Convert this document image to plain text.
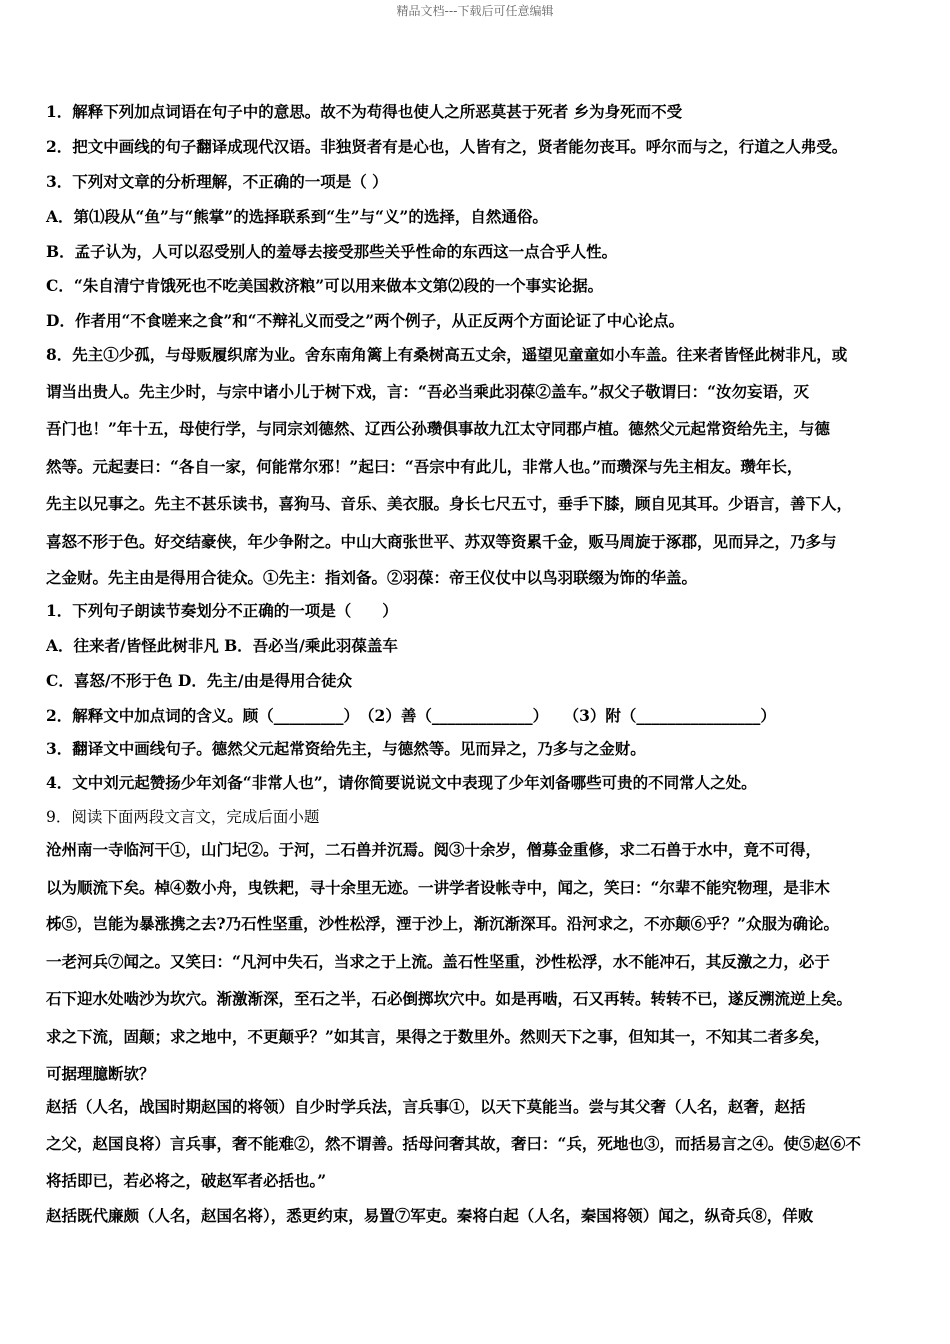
精品文档---下载后可任意编辑
1．解释下列加点词语在句子中的意思。故不为苟得也使人之所恶莫甚于死者 乡为身死而不受
2．把文中画线的句子翻译成现代汉语。非独贤者有是心也，人皆有之，贤者能勿丧耳。呼尔而与之，行道之人弗受。
3．下列对文章的分析理解，不正确的一项是（ ）
A．第⑴段从“鱼”与“熊掌”的选择联系到“生”与“义”的选择，自然通俗。
B．孟子认为，人可以忍受别人的羞辱去接受那些关乎性命的东西这一点合乎人性。
C．“朱自清宁肯饿死也不吃美国救济粮”可以用来做本文第⑵段的一个事实论据。
D．作者用“不食嗟来之食”和“不辩礼义而受之”两个例子，从正反两个方面论证了中心论点。
8．先主①少孤，与母贩履织席为业。舍东南角篱上有桑树高五丈余，遥望见童童如小车盖。往来者皆怪此树非凡，或
谓当出贵人。先主少时，与宗中诸小儿于树下戏，言：“吾必当乘此羽葆②盖车。”叔父子敬谓曰：“汝勿妄语，灭
吾门也！”年十五，母使行学，与同宗刘德然、辽西公孙瓒俱事故九江太守同郡卢植。德然父元起常资给先主，与德
然等。元起妻曰：“各自一家，何能常尔邪！”起曰：“吾宗中有此儿，非常人也。”而瓒深与先主相友。瓒年长，
先主以兄事之。先主不甚乐读书，喜狗马、音乐、美衣服。身长七尺五寸，垂手下膝，顾自见其耳。少语言，善下人，
喜怒不形于色。好交结豪侠，年少争附之。中山大商张世平、苏双等资累千金，贩马周旋于涿郡，见而异之，乃多与
之金财。先主由是得用合徒众。①先主：指刘备。②羽葆：帝王仪仗中以鸟羽联缀为饰的华盖。
1．下列句子朗读节奏划分不正确的一项是（　　）
A．往来者/皆怪此树非凡 B．吾必当/乘此羽葆盖车
C．喜怒/不形于色 D．先主/由是得用合徒众
2．解释文中加点词的含义。顾（_________）　（2）善（_____________）　　（3）附（________________）
3．翻译文中画线句子。德然父元起常资给先主，与德然等。见而异之，乃多与之金财。
4．文中刘元起赞扬少年刘备“非常人也”，请你简要说说文中表现了少年刘备哪些可贵的不同常人之处。
9．阅读下面两段文言文，完成后面小题
沧州南一寺临河干①，山门圮②。于河，二石兽并沉焉。阅③十余岁，僧募金重修，求二石兽于水中，竟不可得，
以为顺流下矣。棹④数小舟，曳铁耙，寻十余里无迹。一讲学者设帐寺中，闻之，笑曰：“尔辈不能究物理，是非木
柹⑤，岂能为暴涨携之去?乃石性坚重，沙性松浮，湮于沙上，渐沉渐深耳。沿河求之，不亦颠⑥乎？”众服为确论。
一老河兵⑦闻之。又笑曰：“凡河中失石，当求之于上流。盖石性坚重，沙性松浮，水不能冲石，其反激之力，必于
石下迎水处啮沙为坎穴。渐激渐深，至石之半，石必倒掷坎穴中。如是再啮，石又再转。转转不已，遂反溯流逆上矣。
求之下流，固颠；求之地中，不更颠乎？”如其言，果得之于数里外。然则天下之事，但知其一，不知其二者多矣，
可据理臆断欤？
赵括（人名，战国时期赵国的将领）自少时学兵法，言兵事①，以天下莫能当。尝与其父奢（人名，赵奢，赵括
之父，赵国良将）言兵事，奢不能难②，然不谓善。括母问奢其故，奢曰：“兵，死地也③，而括易言之④。使⑤赵⑥不
将括即已，若必将之，破赵军者必括也。”
赵括既代廉颇（人名，赵国名将），悉更约束，易置⑦军吏。秦将白起（人名，秦国将领）闻之，纵奇兵⑧，佯败
